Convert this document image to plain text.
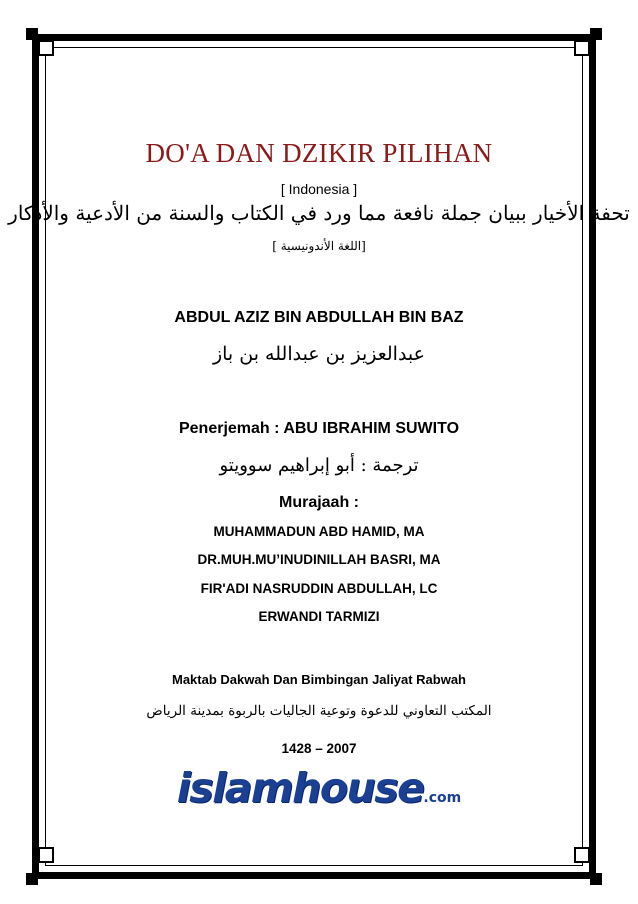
DO'A DAN DZIKIR PILIHAN
[ Indonesia ]
تحفة الأخيار ببيان جملة نافعة مما ورد في الكتاب والسنة من الأدعية والأذكار
[اللغة الأندونيسية ]
ABDUL AZIZ BIN ABDULLAH BIN BAZ
عبدالعزيز بن عبدالله بن باز
Penerjemah : ABU IBRAHIM SUWITO
ترجمة : أبو إبراهيم سوويتو
Murajaah :
MUHAMMADUN ABD HAMID, MA
DR.MUH.MU’INUDINILLAH BASRI, MA
FIR'ADI NASRUDDIN ABDULLAH, LC
ERWANDI TARMIZI
Maktab Dakwah Dan Bimbingan Jaliyat Rabwah
المكتب التعاوني للدعوة وتوعية الجاليات بالربوة بمدينة الرياض
1428 – 2007
islamhouse.com
